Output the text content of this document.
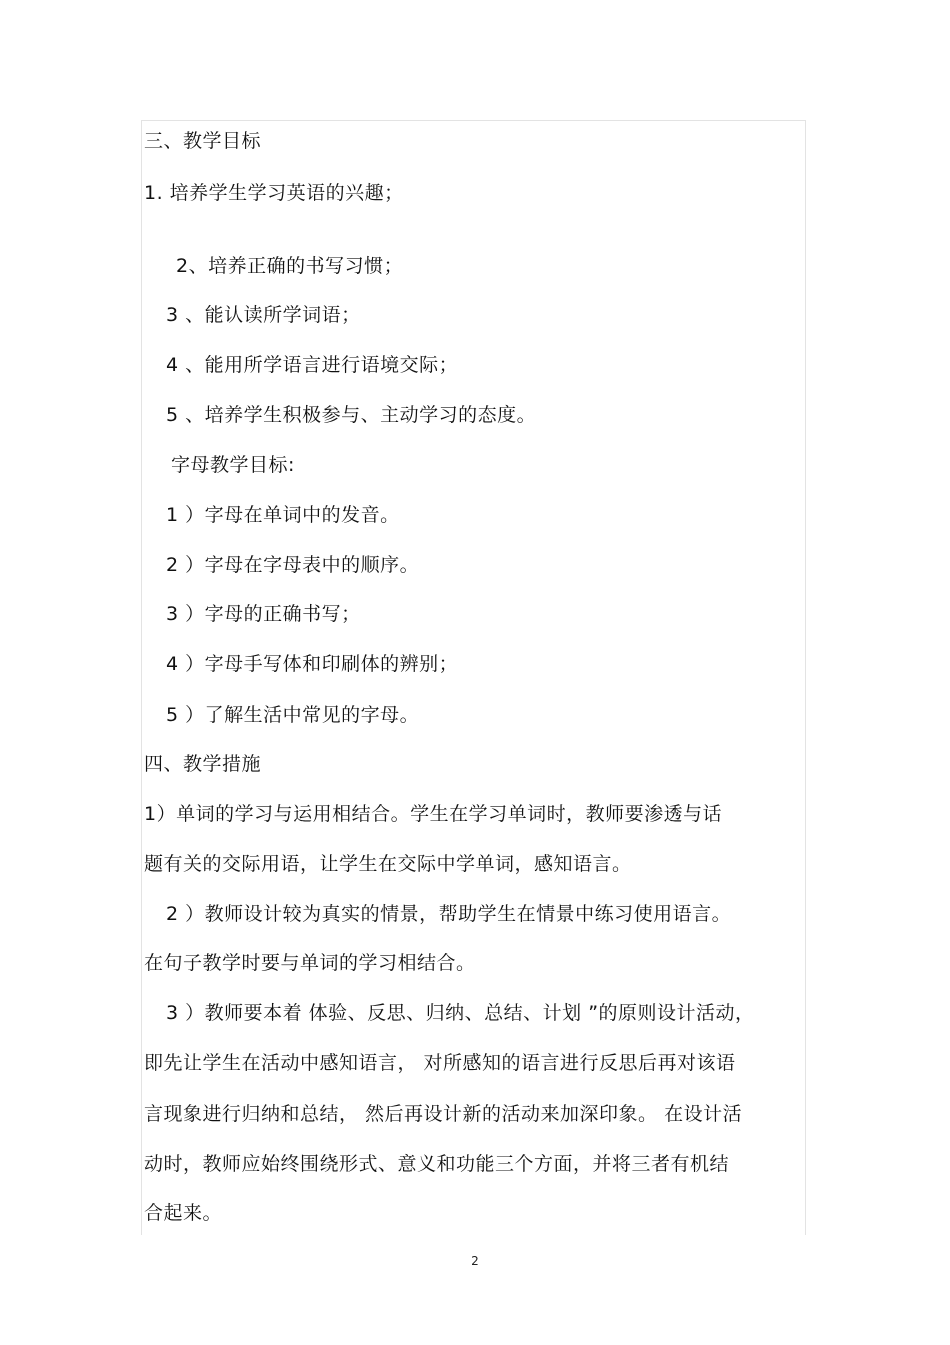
三、教学目标
1. 培养学生学习英语的兴趣；
2、培养正确的书写习惯；
3 、能认读所学词语；
4 、能用所学语言进行语境交际；
5 、培养学生积极参与、主动学习的态度。
字母教学目标:
1 ）字母在单词中的发音。
2 ）字母在字母表中的顺序。
3 ）字母的正确书写；
4 ）字母手写体和印刷体的辨别；
5 ）了解生活中常见的字母。
四、教学措施
1）单词的学习与运用相结合。学生在学习单词时，教师要渗透与话
题有关的交际用语，让学生在交际中学单词，感知语言。
2 ）教师设计较为真实的情景，帮助学生在情景中练习使用语言。
在句子教学时要与单词的学习相结合。
3 ）教师要本着 体验、反思、归纳、总结、计划 ”的原则设计活动，
即先让学生在活动中感知语言， 对所感知的语言进行反思后再对该语
言现象进行归纳和总结， 然后再设计新的活动来加深印象。 在设计活
动时，教师应始终围绕形式、意义和功能三个方面，并将三者有机结
合起来。
2
